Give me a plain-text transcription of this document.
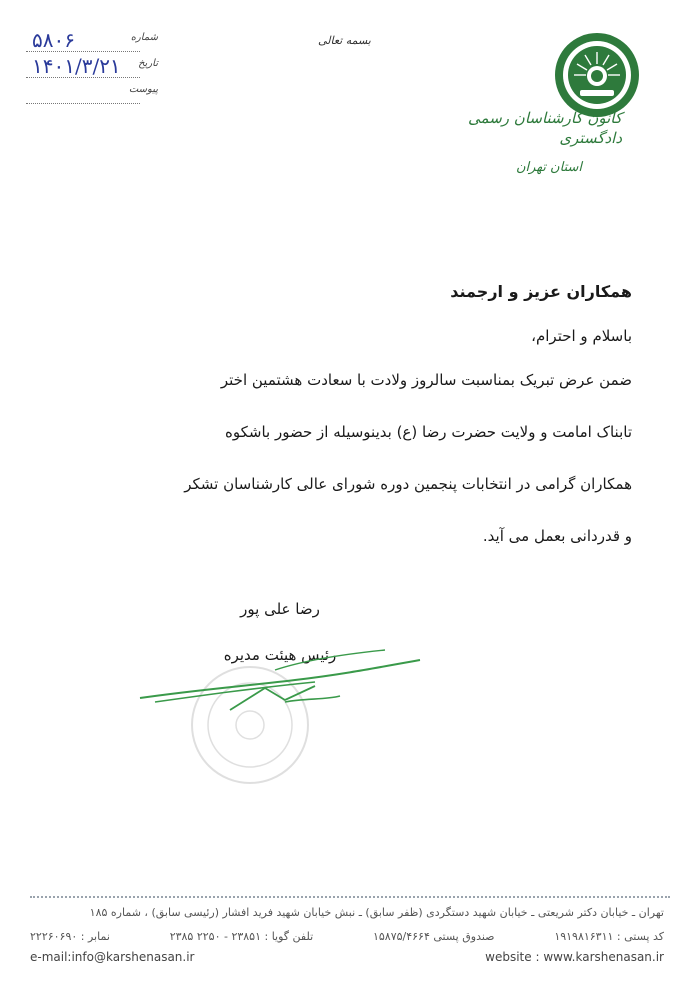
کانون کارشناسان رسمی دادگستری
استان تهران
بسمه تعالی
۵۸۰۶	شماره
۱۴۰۱/۳/۲۱ تاریخ
پیوست
همکاران عزیز و ارجمند
باسلام و احترام،

ضمن عرض تبریک بمناسبت سالروز ولادت با سعادت هشتمین اختر

تابناک امامت و ولایت حضرت رضا (ع) بدینوسیله از حضور باشکوه

همکاران گرامی در انتخابات پنجمین دوره شورای عالی کارشناسان تشکر

و قدردانی بعمل می آید.

رضا علی پور
رئیس هیئت مدیره
تهران ـ خیابان دکتر شریعتی ـ خیابان شهید دستگردی (ظفر سابق) ـ نبش خیابان شهید فرید افشار (رئیسی سابق) ، شماره ۱۸۵
کد پستی : ۱۹۱۹۸۱۶۳۱۱
صندوق پستی ۱۵۸۷۵/۴۶۶۴
تلفن گویا : ۲۳۸۵۱ - ۲۲۵۰ ۲۳۸۵
نمابر : ۲۲۲۶۰۶۹۰
e-mail:info@karshenasan.ir	website : www.karshenasan.ir
